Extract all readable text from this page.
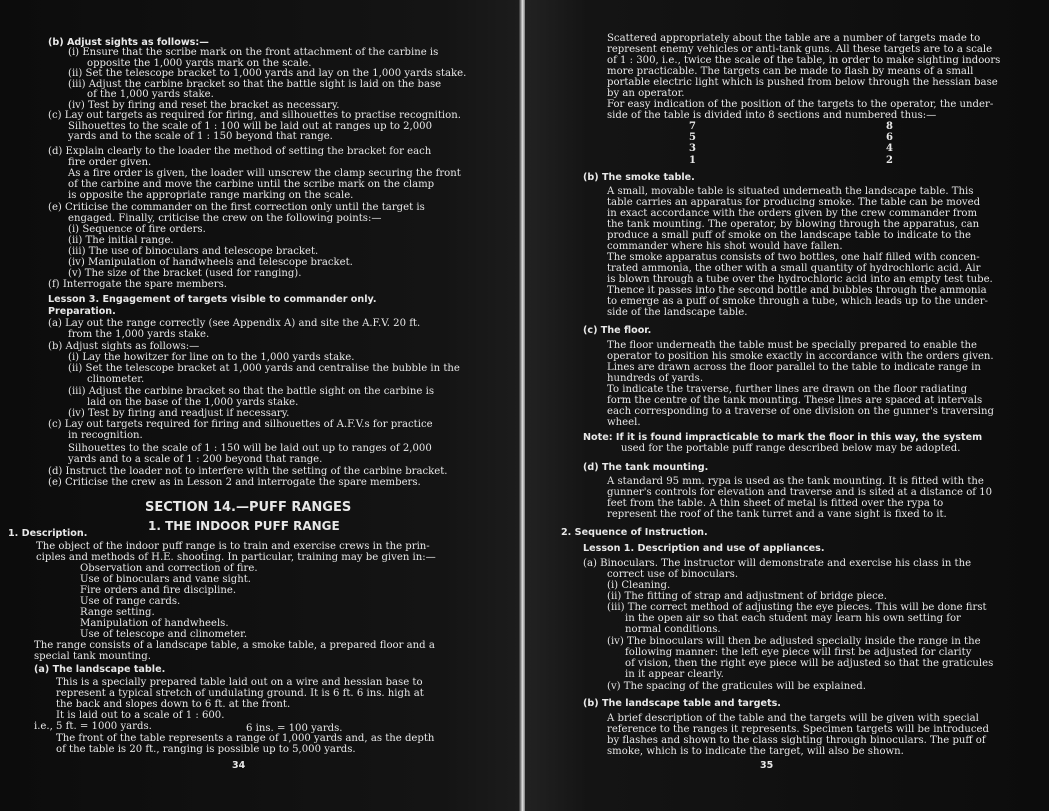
(b) Adjust sights as follows:—
(i) Ensure that the scribe mark on the front attachment of the carbine is
opposite the 1,000 yards mark on the scale.
(ii) Set the telescope bracket to 1,000 yards and lay on the 1,000 yards stake.
(iii) Adjust the carbine bracket so that the battle sight is laid on the base
of the 1,000 yards stake.
(iv) Test by firing and reset the bracket as necessary.
(c) Lay out targets as required for firing, and silhouettes to practise recognition.
Silhouettes to the scale of 1 : 100 will be laid out at ranges up to 2,000
yards and to the scale of 1 : 150 beyond that range.
(d) Explain clearly to the loader the method of setting the bracket for each
fire order given.
As a fire order is given, the loader will unscrew the clamp securing the front
of the carbine and move the carbine until the scribe mark on the clamp
is opposite the appropriate range marking on the scale.
(e) Criticise the commander on the first correction only until the target is
engaged. Finally, criticise the crew on the following points:—
(i) Sequence of fire orders.
(ii) The initial range.
(iii) The use of binoculars and telescope bracket.
(iv) Manipulation of handwheels and telescope bracket.
(v) The size of the bracket (used for ranging).
(f) Interrogate the spare members.
Lesson 3. Engagement of targets visible to commander only.
Preparation.
(a) Lay out the range correctly (see Appendix A) and site the A.F.V. 20 ft.
from the 1,000 yards stake.
(b) Adjust sights as follows:—
(i) Lay the howitzer for line on to the 1,000 yards stake.
(ii) Set the telescope bracket at 1,000 yards and centralise the bubble in the
clinometer.
(iii) Adjust the carbine bracket so that the battle sight on the carbine is
laid on the base of the 1,000 yards stake.
(iv) Test by firing and readjust if necessary.
(c) Lay out targets required for firing and silhouettes of A.F.V.s for practice
in recognition.
Silhouettes to the scale of 1 : 150 will be laid out up to ranges of 2,000
yards and to a scale of 1 : 200 beyond that range.
(d) Instruct the loader not to interfere with the setting of the carbine bracket.
(e) Criticise the crew as in Lesson 2 and interrogate the spare members.
SECTION 14.—PUFF RANGES
1. THE INDOOR PUFF RANGE
1. Description.
The object of the indoor puff range is to train and exercise crews in the prin-
ciples and methods of H.E. shooting. In particular, training may be given in:—
Observation and correction of fire.
Use of binoculars and vane sight.
Fire orders and fire discipline.
Use of range cards.
Range setting.
Manipulation of handwheels.
Use of telescope and clinometer.
The range consists of a landscape table, a smoke table, a prepared floor and a
special tank mounting.
(a) The landscape table.
This is a specially prepared table laid out on a wire and hessian base to
represent a typical stretch of undulating ground. It is 6 ft. 6 ins. high at
the back and slopes down to 6 ft. at the front.
It is laid out to a scale of 1 : 600.
i.e., 5 ft. = 1000 yards.	6 ins. = 100 yards.
The front of the table represents a range of 1,000 yards and, as the depth
of the table is 20 ft., ranging is possible up to 5,000 yards.
34
Scattered appropriately about the table are a number of targets made to
represent enemy vehicles or anti-tank guns. All these targets are to a scale
of 1 : 300, i.e., twice the scale of the table, in order to make sighting indoors
more practicable. The targets can be made to flash by means of a small
portable electric light which is pushed from below through the hessian base
by an operator.
For easy indication of the position of the targets to the operator, the under-
side of the table is divided into 8 sections and numbered thus:—
7
5
3
1
8
6
4
2
(b) The smoke table.
A small, movable table is situated underneath the landscape table. This
table carries an apparatus for producing smoke. The table can be moved
in exact accordance with the orders given by the crew commander from
the tank mounting. The operator, by blowing through the apparatus, can
produce a small puff of smoke on the landscape table to indicate to the
commander where his shot would have fallen.
The smoke apparatus consists of two bottles, one half filled with concen-
trated ammonia, the other with a small quantity of hydrochloric acid. Air
is blown through a tube over the hydrochloric acid into an empty test tube.
Thence it passes into the second bottle and bubbles through the ammonia
to emerge as a puff of smoke through a tube, which leads up to the under-
side of the landscape table.
(c) The floor.
The floor underneath the table must be specially prepared to enable the
operator to position his smoke exactly in accordance with the orders given.
Lines are drawn across the floor parallel to the table to indicate range in
hundreds of yards.
To indicate the traverse, further lines are drawn on the floor radiating
form the centre of the tank mounting. These lines are spaced at intervals
each corresponding to a traverse of one division on the gunner's traversing
wheel.
Note: If it is found impracticable to mark the floor in this way, the system
used for the portable puff range described below may be adopted.
(d) The tank mounting.
A standard 95 mm. rypa is used as the tank mounting. It is fitted with the
gunner's controls for elevation and traverse and is sited at a distance of 10
feet from the table. A thin sheet of metal is fitted over the rypa to
represent the roof of the tank turret and a vane sight is fixed to it.
2. Sequence of Instruction.
Lesson 1. Description and use of appliances.
(a) Binoculars. The instructor will demonstrate and exercise his class in the
correct use of binoculars.
(i) Cleaning.
(ii) The fitting of strap and adjustment of bridge piece.
(iii) The correct method of adjusting the eye pieces. This will be done first
in the open air so that each student may learn his own setting for
normal conditions.
(iv) The binoculars will then be adjusted specially inside the range in the
following manner: the left eye piece will first be adjusted for clarity
of vision, then the right eye piece will be adjusted so that the graticules
in it appear clearly.
(v) The spacing of the graticules will be explained.
(b) The landscape table and targets.
A brief description of the table and the targets will be given with special
reference to the ranges it represents. Specimen targets will be introduced
by flashes and shown to the class sighting through binoculars. The puff of
smoke, which is to indicate the target, will also be shown.
35
